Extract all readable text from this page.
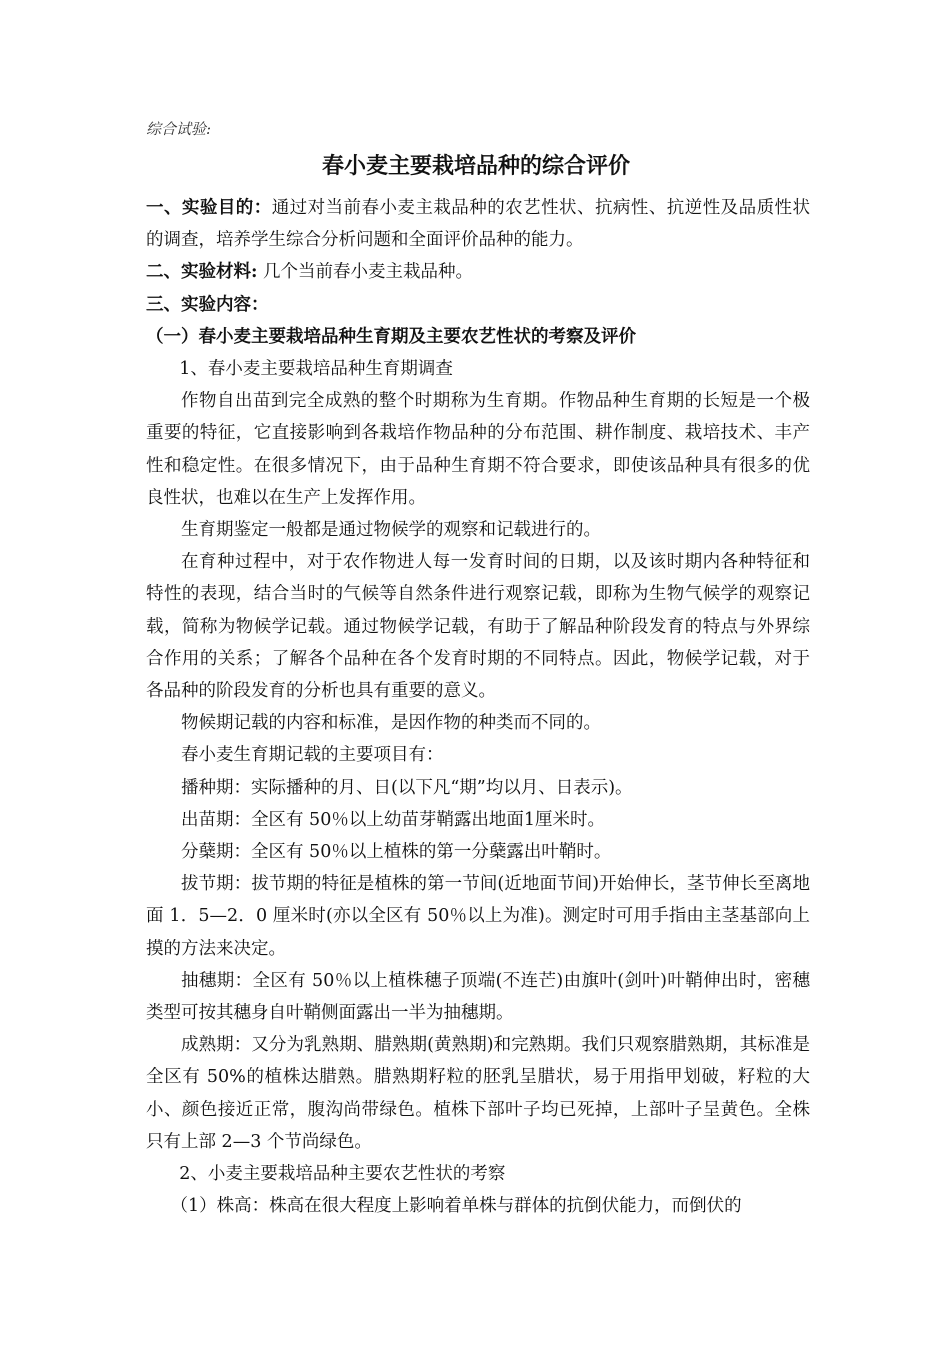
综合试验:
春小麦主要栽培品种的综合评价

一、实验目的：通过对当前春小麦主栽品种的农艺性状、抗病性、抗逆性及品质性状的调查，培养学生综合分析问题和全面评价品种的能力。

二、实验材料: 几个当前春小麦主栽品种。

三、实验内容：

（一）春小麦主要栽培品种生育期及主要农艺性状的考察及评价

1、春小麦主要栽培品种生育期调查

作物自出苗到完全成熟的整个时期称为生育期。作物品种生育期的长短是一个极重要的特征，它直接影响到各栽培作物品种的分布范围、耕作制度、栽培技术、丰产性和稳定性。在很多情况下，由于品种生育期不符合要求，即使该品种具有很多的优良性状，也难以在生产上发挥作用。

生育期鉴定一般都是通过物候学的观察和记载进行的。

在育种过程中，对于农作物进人每一发育时间的日期，以及该时期内各种特征和特性的表现，结合当时的气候等自然条件进行观察记载，即称为生物气候学的观察记载，简称为物候学记载。通过物候学记载，有助于了解品种阶段发育的特点与外界综合作用的关系；了解各个品种在各个发育时期的不同特点。因此，物候学记载，对于各品种的阶段发育的分析也具有重要的意义。

物候期记载的内容和标准，是因作物的种类而不同的。

春小麦生育期记载的主要项目有：

播种期：实际播种的月、日(以下凡“期”均以月、日表示)。

出苗期：全区有 50％以上幼苗芽鞘露出地面1厘米时。

分蘖期：全区有 50％以上植株的第一分蘖露出叶鞘时。

拔节期：拔节期的特征是植株的第一节间(近地面节间)开始伸长，茎节伸长至离地面 1．5—2．0 厘米时(亦以全区有 50％以上为准)。测定时可用手指由主茎基部向上摸的方法来决定。

抽穗期：全区有 50％以上植株穗子顶端(不连芒)由旗叶(剑叶)叶鞘伸出时，密穗类型可按其穗身自叶鞘侧面露出一半为抽穗期。

成熟期：又分为乳熟期、腊熟期(黄熟期)和完熟期。我们只观察腊熟期，其标准是全区有 50%的植株达腊熟。腊熟期籽粒的胚乳呈腊状，易于用指甲划破，籽粒的大小、颜色接近正常，腹沟尚带绿色。植株下部叶子均已死掉，上部叶子呈黄色。全株只有上部 2—3 个节尚绿色。

2、小麦主要栽培品种主要农艺性状的考察

（1）株高：株高在很大程度上影响着单株与群体的抗倒伏能力，而倒伏的
